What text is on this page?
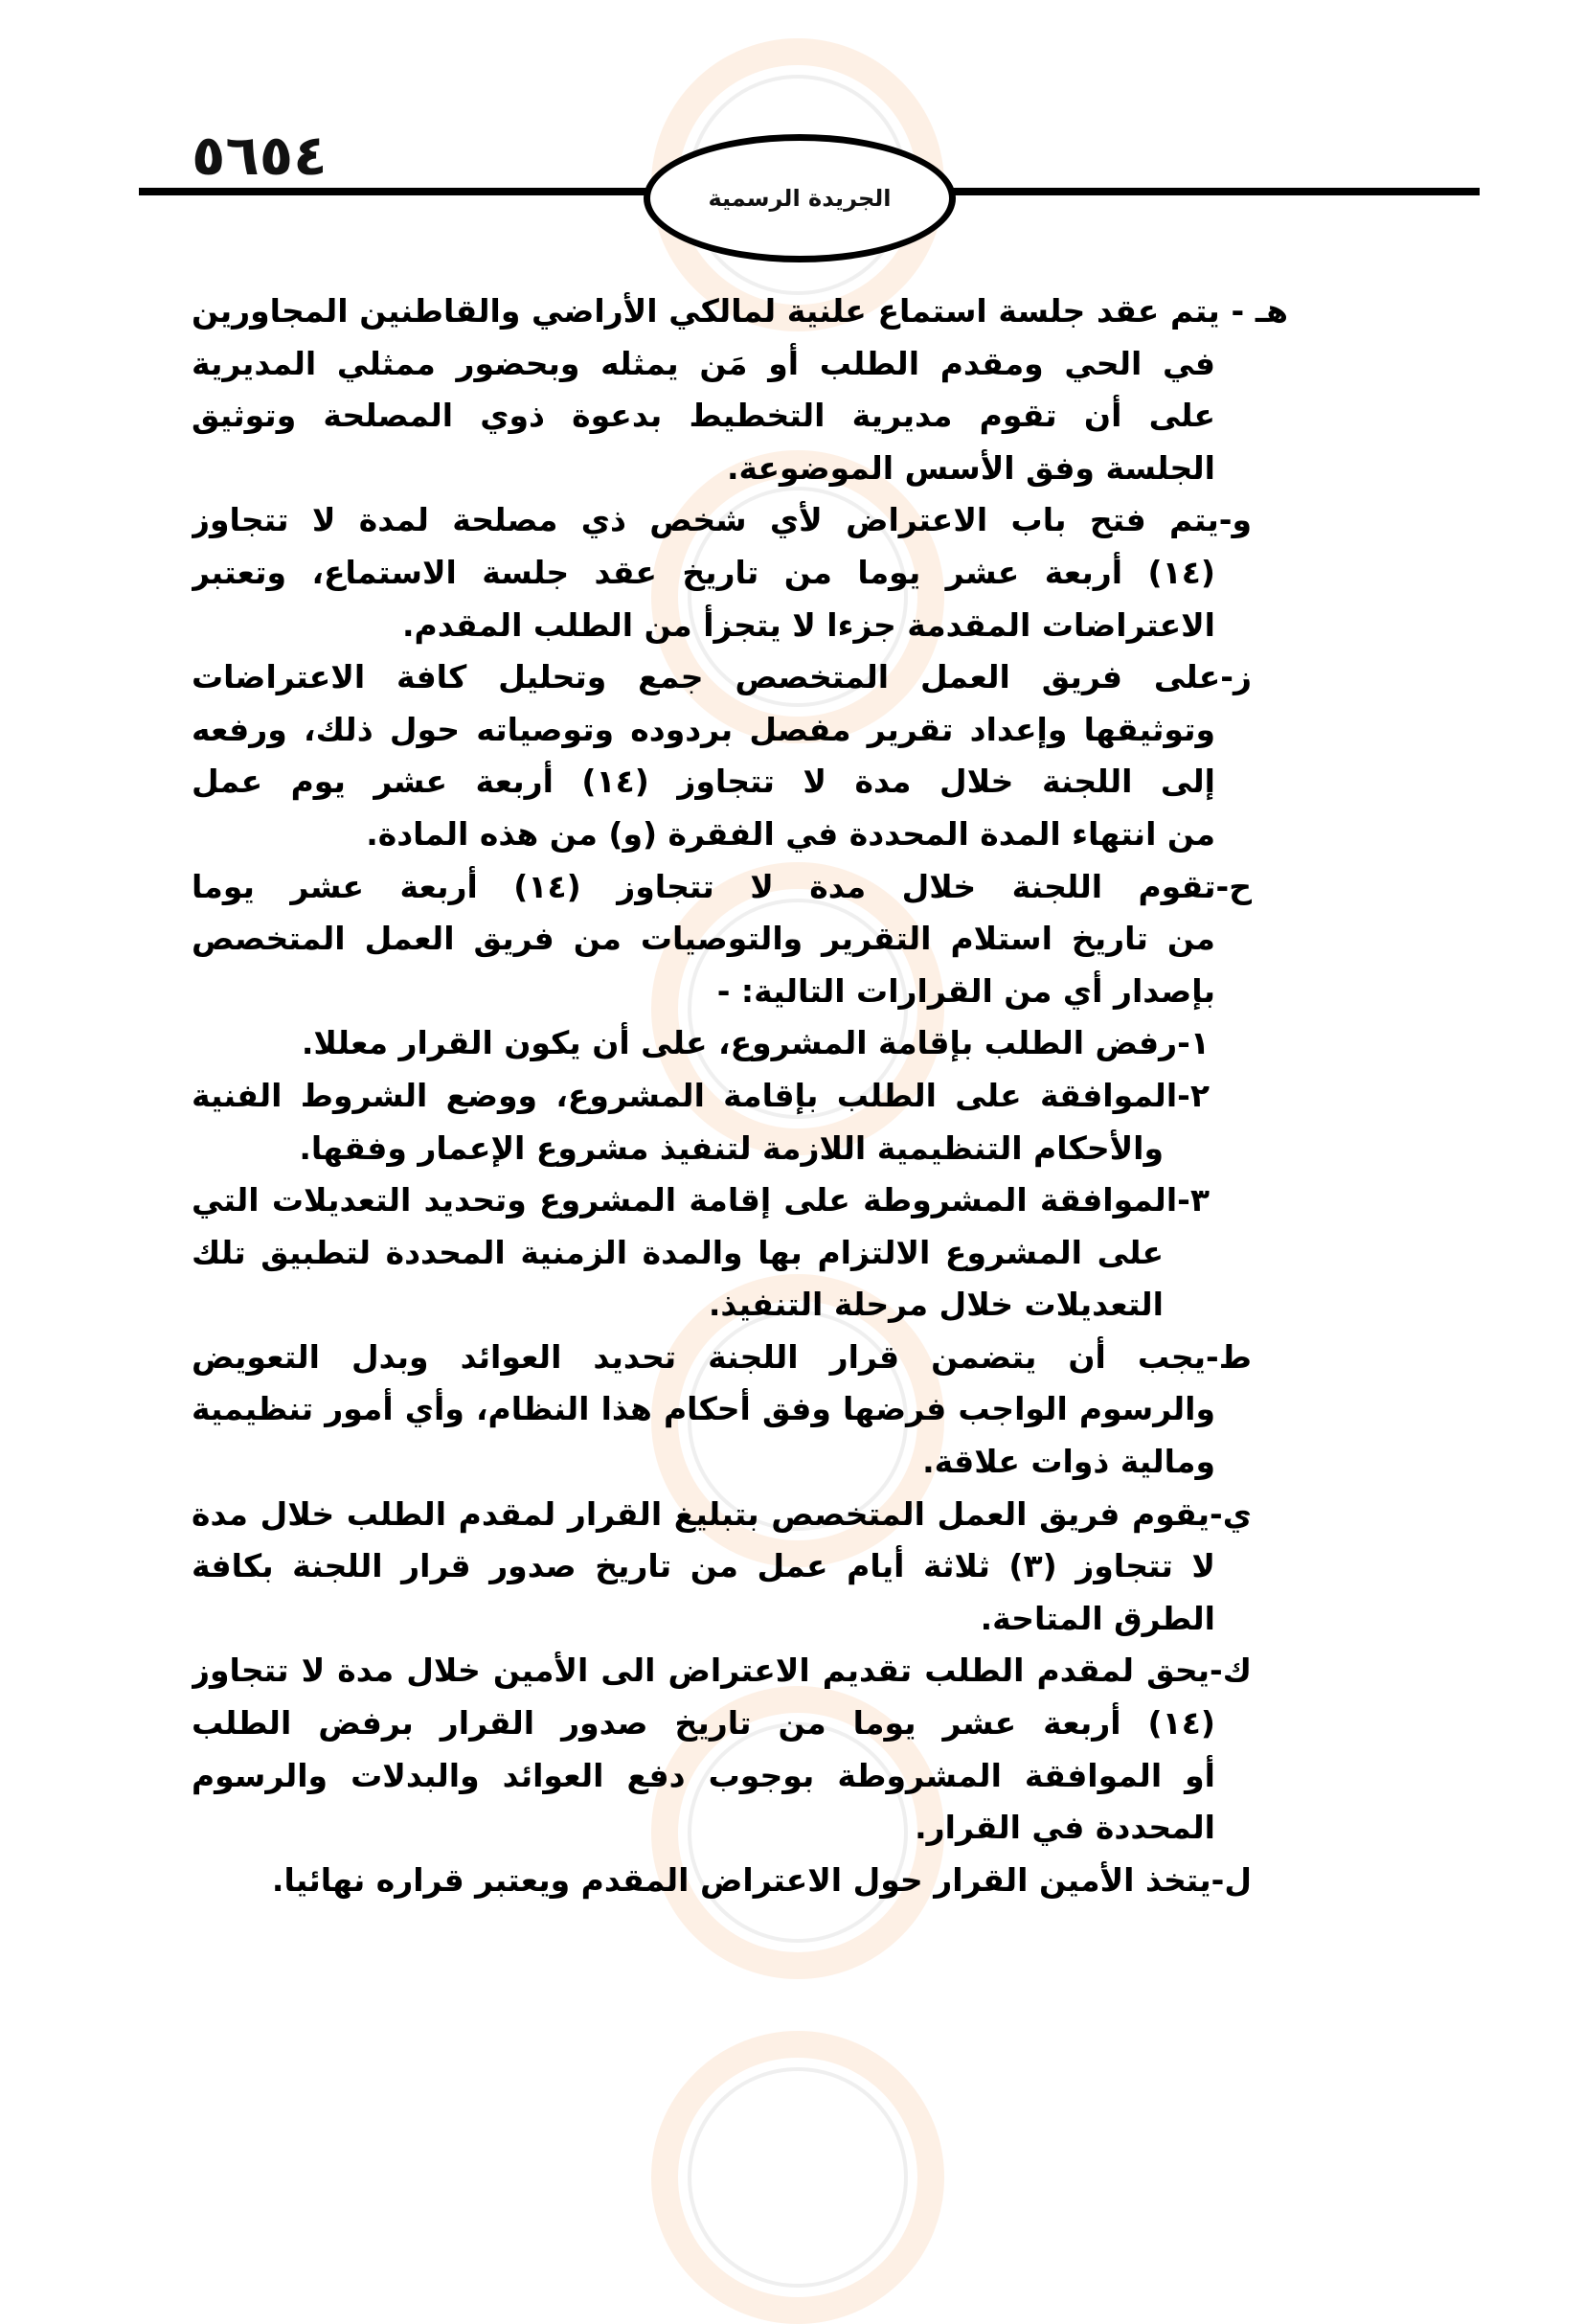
٥٦٥٤
الجريدة الرسمية
هـ - يتم عقد جلسة استماع علنية لمالكي الأراضي والقاطنين المجاورين
في الحي ومقدم الطلب أو مَن يمثله وبحضور ممثلي المديرية
على أن تقوم مديرية التخطيط بدعوة ذوي المصلحة وتوثيق
الجلسة وفق الأسس الموضوعة.
و-يتم فتح باب الاعتراض لأي شخص ذي مصلحة لمدة لا تتجاوز
(١٤) أربعة عشر يوما من تاريخ عقد جلسة الاستماع، وتعتبر
الاعتراضات المقدمة جزءا لا يتجزأ من الطلب المقدم.
ز-على فريق العمل المتخصص جمع وتحليل كافة الاعتراضات
وتوثيقها وإعداد تقرير مفصل بردوده وتوصياته حول ذلك، ورفعه
إلى اللجنة خلال مدة لا تتجاوز (١٤) أربعة عشر يوم عمل
من انتهاء المدة المحددة في الفقرة (و) من هذه المادة.
ح-تقوم اللجنة خلال مدة لا تتجاوز (١٤) أربعة عشر يوما
من تاريخ استلام التقرير والتوصيات من فريق العمل المتخصص
بإصدار أي من القرارات التالية: -
١-رفض الطلب بإقامة المشروع، على أن يكون القرار معللا.
٢-الموافقة على الطلب بإقامة المشروع، ووضع الشروط الفنية
والأحكام التنظيمية اللازمة لتنفيذ مشروع الإعمار وفقها.
٣-الموافقة المشروطة على إقامة المشروع وتحديد التعديلات التي
على المشروع الالتزام بها والمدة الزمنية المحددة لتطبيق تلك
التعديلات خلال مرحلة التنفيذ.
ط-يجب أن يتضمن قرار اللجنة تحديد العوائد وبدل التعويض
والرسوم الواجب فرضها وفق أحكام هذا النظام، وأي أمور تنظيمية
ومالية ذوات علاقة.
ي-يقوم فريق العمل المتخصص بتبليغ القرار لمقدم الطلب خلال مدة
لا تتجاوز (٣) ثلاثة أيام عمل من تاريخ صدور قرار اللجنة بكافة
الطرق المتاحة.
ك-يحق لمقدم الطلب تقديم الاعتراض الى الأمين خلال مدة لا تتجاوز
(١٤) أربعة عشر يوما من تاريخ صدور القرار برفض الطلب
أو الموافقة المشروطة بوجوب دفع العوائد والبدلات والرسوم
المحددة في القرار.
ل-يتخذ الأمين القرار حول الاعتراض المقدم ويعتبر قراره نهائيا.
